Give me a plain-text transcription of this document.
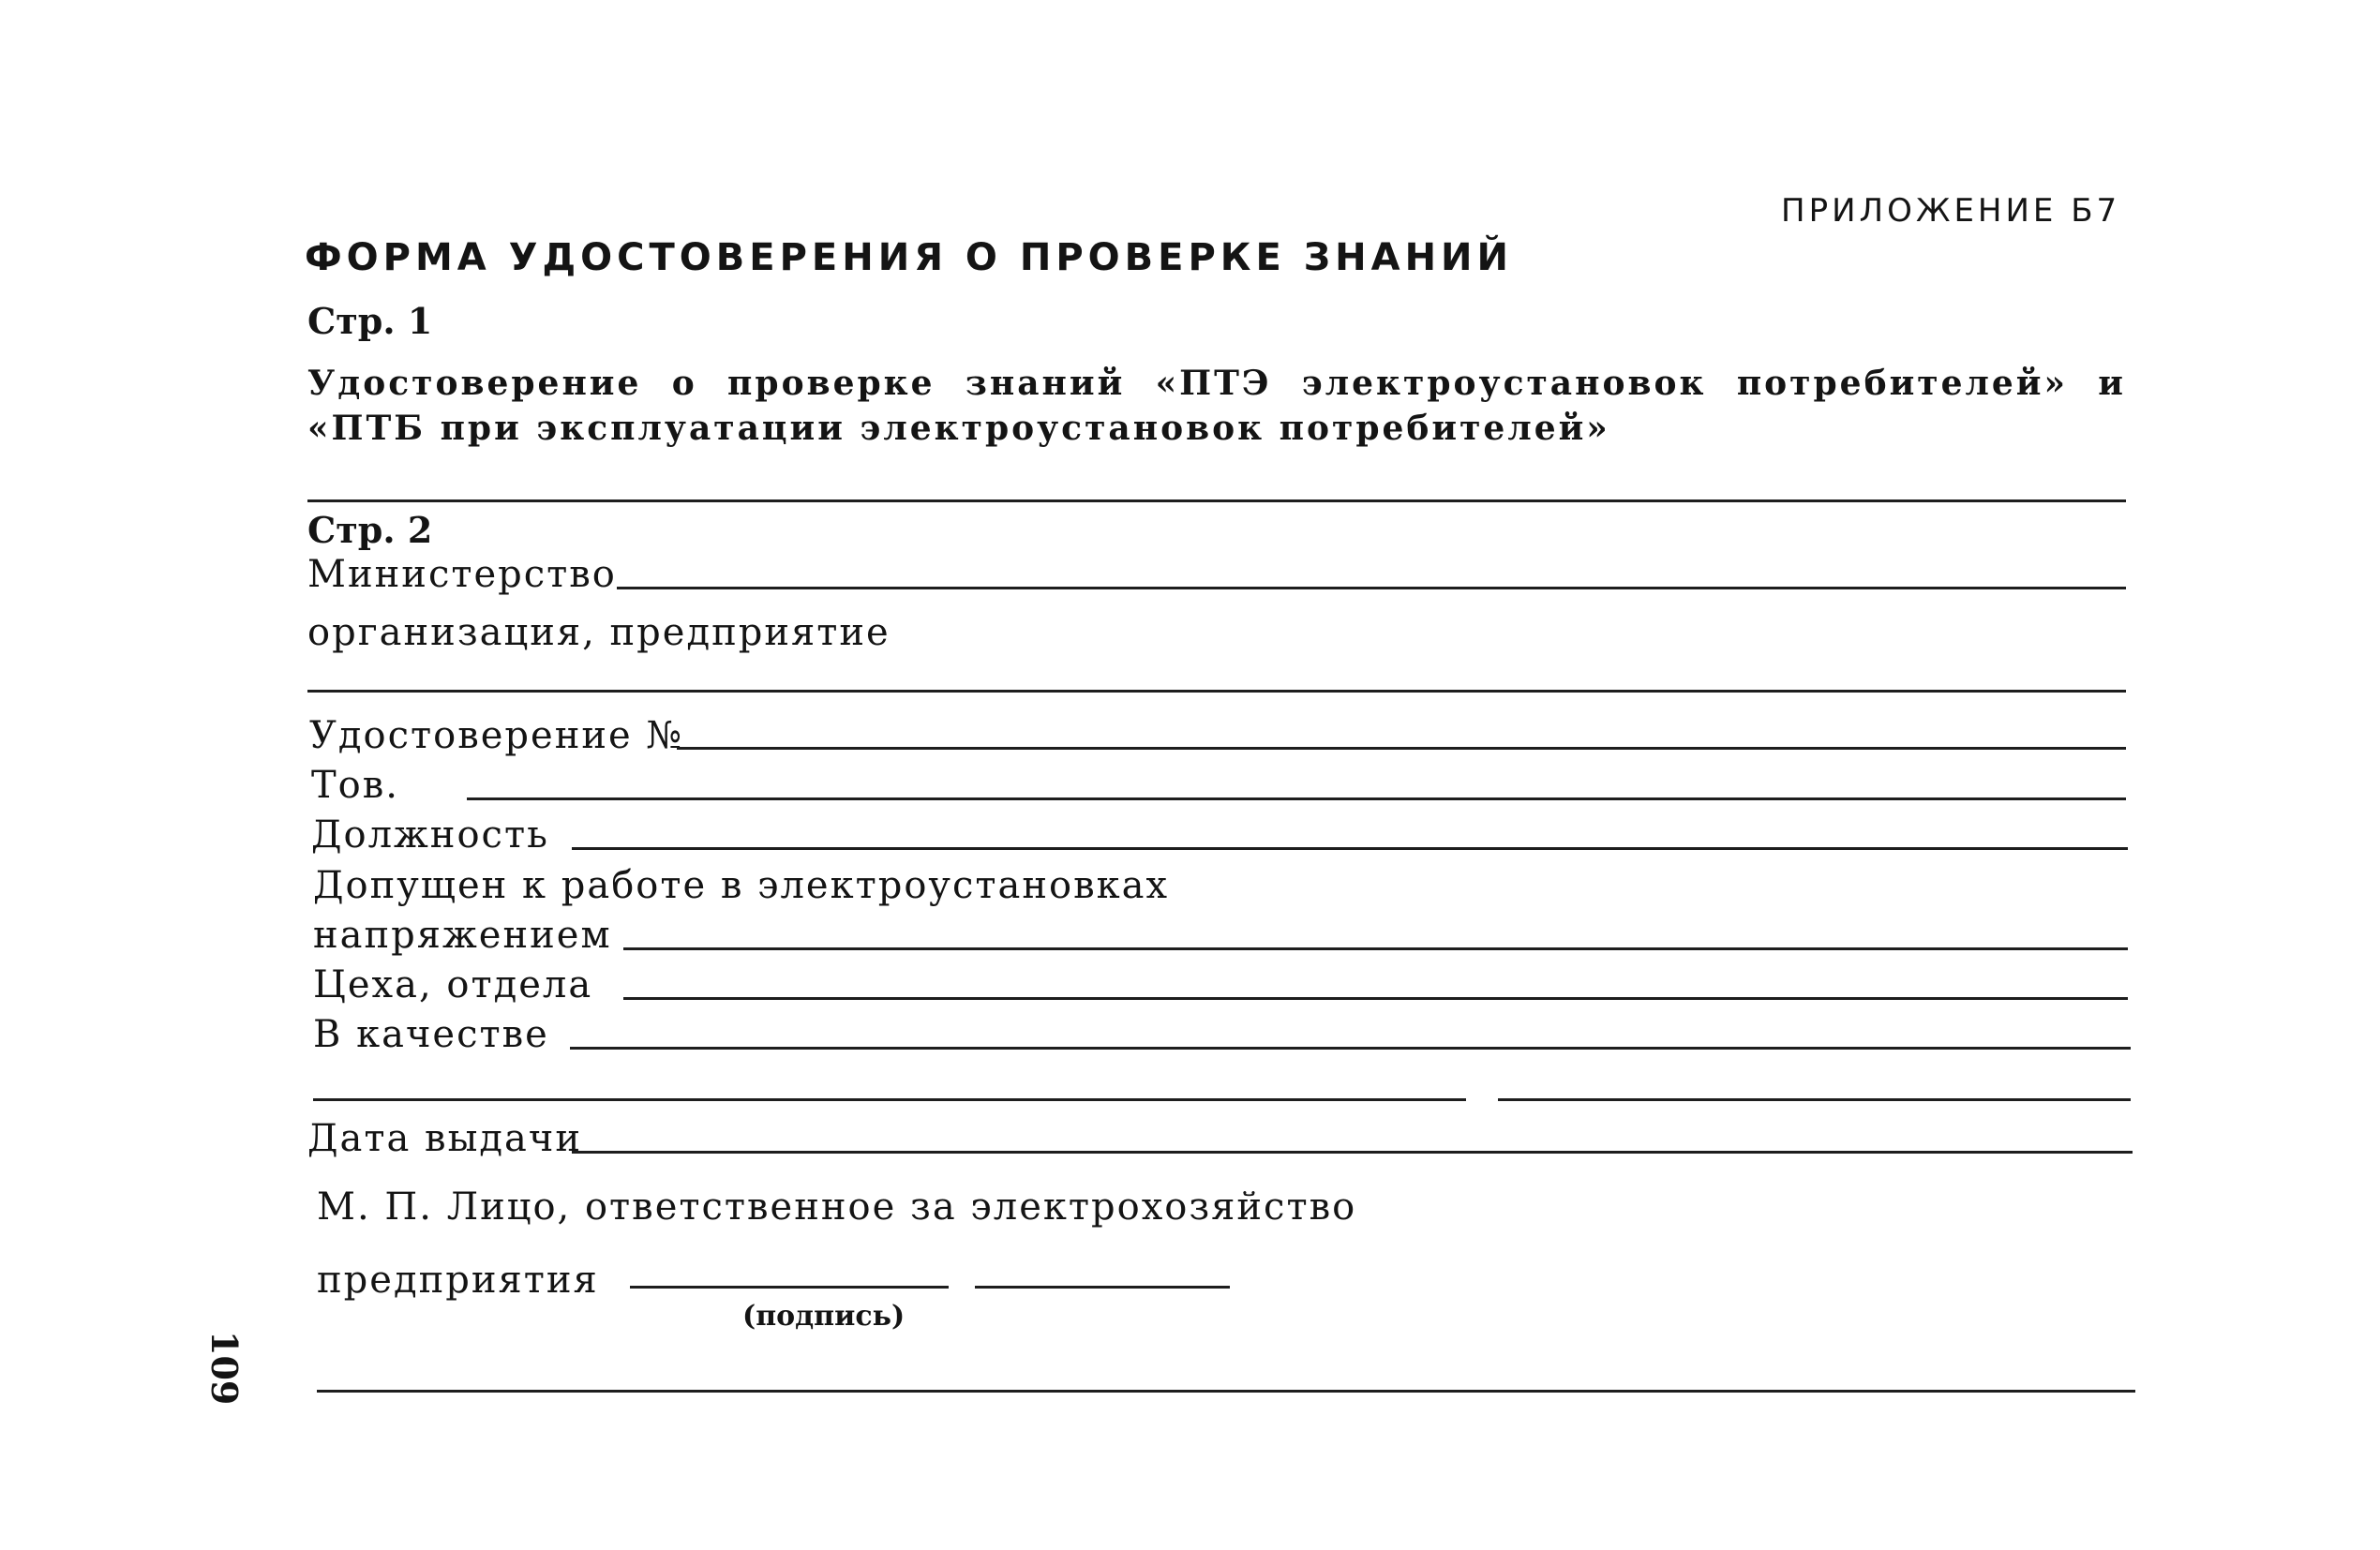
ПРИЛОЖЕНИЕ Б7
ФОРМА УДОСТОВЕРЕНИЯ О ПРОВЕРКЕ ЗНАНИЙ
Стр. 1
Удостоверение о проверке знаний «ПТЭ электроустановок потребителей» и «ПТБ при эксплуатации электроустановок потребителей»
Стр. 2
Министерство
организация, предприятие
Удостоверение №
Тов.
Должность
Допущен к работе в электроустановках
напряжением
Цеха, отдела
В качестве
Дата выдачи
М. П. Лицо, ответственное за электрохозяйство
предприятия
(подпись)
109
